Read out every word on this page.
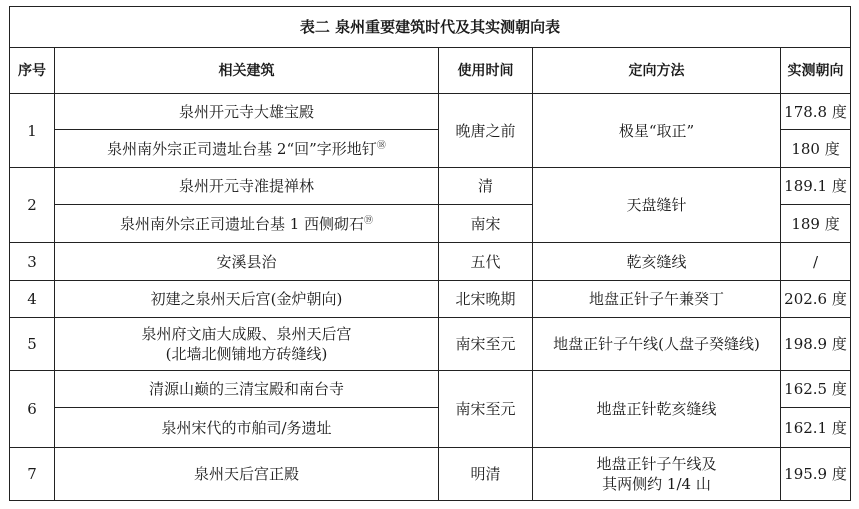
表二 泉州重要建筑时代及其实测朝向表				
序号	相关建筑	使用时间	定向方法	实测朝向
1	泉州开元寺大雄宝殿	晚唐之前	极星“取正”	178.8 度
	泉州南外宗正司遗址台基 2“回”字形地钉⑱			180 度
2	泉州开元寺准提禅林	清	天盘缝针	189.1 度
	泉州南外宗正司遗址台基 1 西侧砌石⑲	南宋		189 度
3	安溪县治	五代	乾亥缝线	/
4	初建之泉州天后宫(金炉朝向)	北宋晚期	地盘正针子午兼癸丁	202.6 度
5	泉州府文庙大成殿、泉州天后宫
(北墙北侧铺地方砖缝线)	南宋至元	地盘正针子午线(人盘子癸缝线)	198.9 度
6	清源山巅的三清宝殿和南台寺	南宋至元	地盘正针乾亥缝线	162.5 度
	泉州宋代的市舶司/务遗址			162.1 度
7	泉州天后宫正殿	明清	地盘正针子午线及
其两侧约 1/4 山	195.9 度
